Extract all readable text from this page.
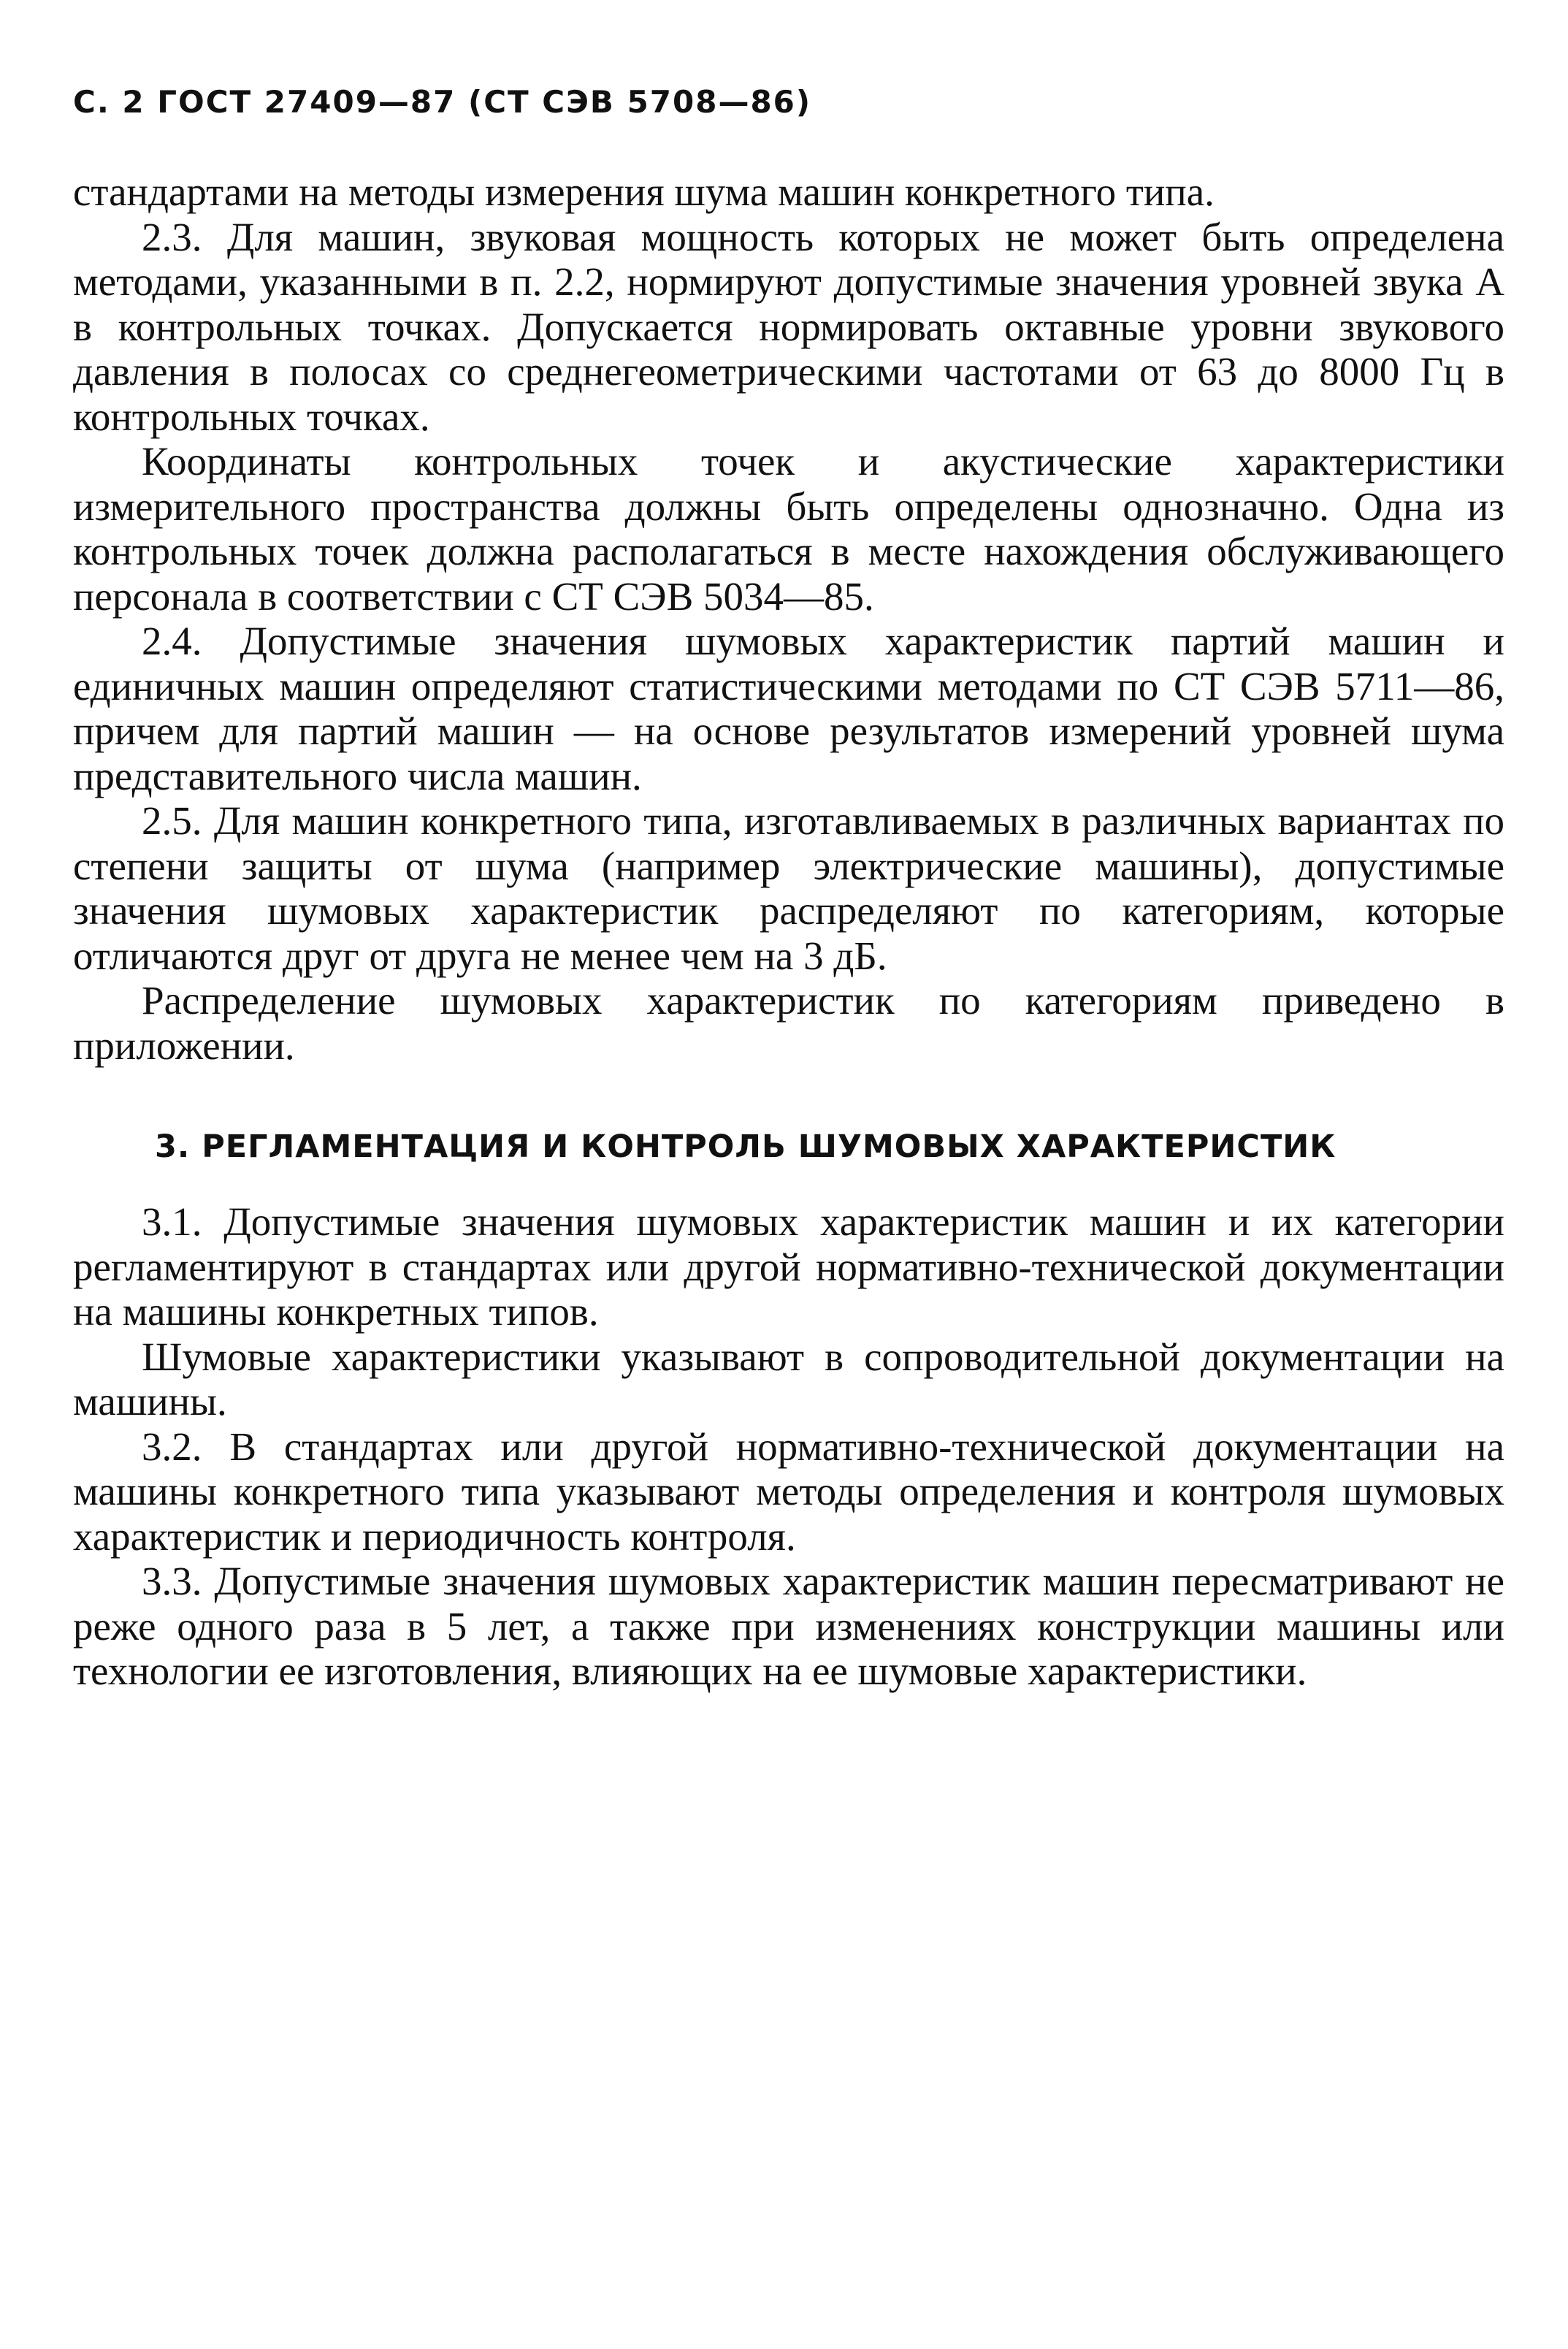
С. 2 ГОСТ 27409—87 (СТ СЭВ 5708—86)

стандартами на методы измерения шума машин конкретного типа.

2.3. Для машин, звуковая мощность которых не может быть определена методами, указанными в п. 2.2, нормируют допустимые значения уровней звука А в контрольных точках. Допускается нормировать октавные уровни звукового давления в полосах со среднегеометрическими частотами от 63 до 8000 Гц в контрольных точках.

Координаты контрольных точек и акустические характеристики измерительного пространства должны быть определены однозначно. Одна из контрольных точек должна располагаться в месте нахождения обслуживающего персонала в соответствии с СТ СЭВ 5034—85.

2.4. Допустимые значения шумовых характеристик партий машин и единичных машин определяют статистическими методами по СТ СЭВ 5711—86, причем для партий машин — на основе результатов измерений уровней шума представительного числа машин.

2.5. Для машин конкретного типа, изготавливаемых в различных вариантах по степени защиты от шума (например электрические машины), допустимые значения шумовых характеристик распределяют по категориям, которые отличаются друг от друга не менее чем на 3 дБ.

Распределение шумовых характеристик по категориям приведено в приложении.

3. РЕГЛАМЕНТАЦИЯ И КОНТРОЛЬ ШУМОВЫХ ХАРАКТЕРИСТИК

3.1. Допустимые значения шумовых характеристик машин и их категории регламентируют в стандартах или другой нормативно-технической документации на машины конкретных типов.

Шумовые характеристики указывают в сопроводительной документации на машины.

3.2. В стандартах или другой нормативно-технической документации на машины конкретного типа указывают методы определения и контроля шумовых характеристик и периодичность контроля.

3.3. Допустимые значения шумовых характеристик машин пересматривают не реже одного раза в 5 лет, а также при изменениях конструкции машины или технологии ее изготовления, влияющих на ее шумовые характеристики.
